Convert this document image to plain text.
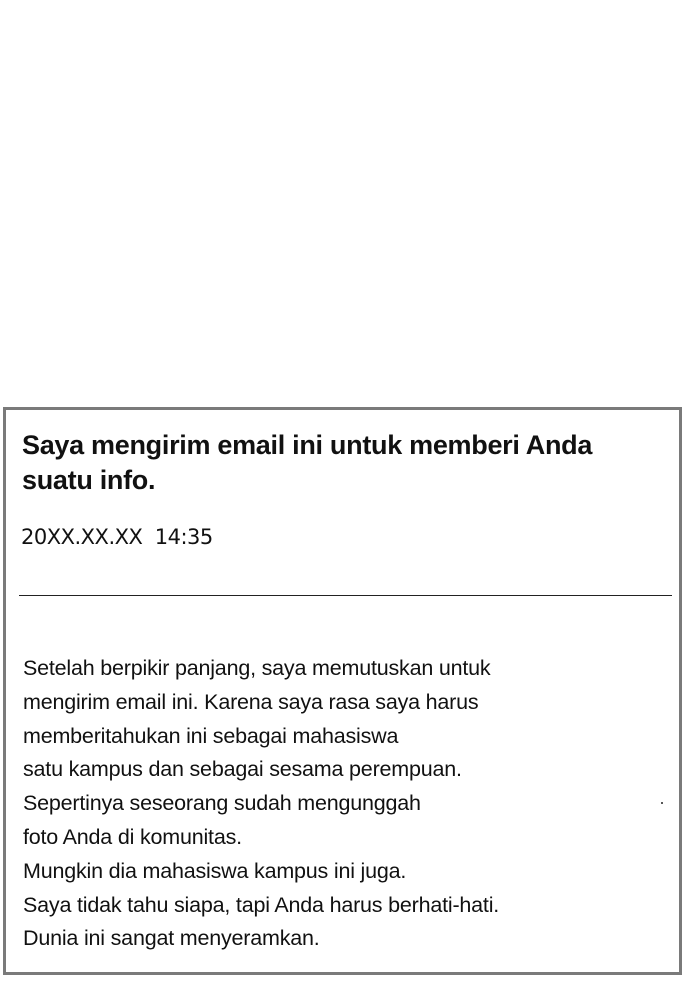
Saya mengirim email ini untuk memberi Anda suatu info.
20XX.XX.XX  14:35
Setelah berpikir panjang, saya memutuskan untuk
mengirim email ini. Karena saya rasa saya harus
memberitahukan ini sebagai mahasiswa
satu kampus dan sebagai sesama perempuan.
Sepertinya seseorang sudah mengunggah
foto Anda di komunitas.
Mungkin dia mahasiswa kampus ini juga.
Saya tidak tahu siapa, tapi Anda harus berhati-hati.
Dunia ini sangat menyeramkan.
